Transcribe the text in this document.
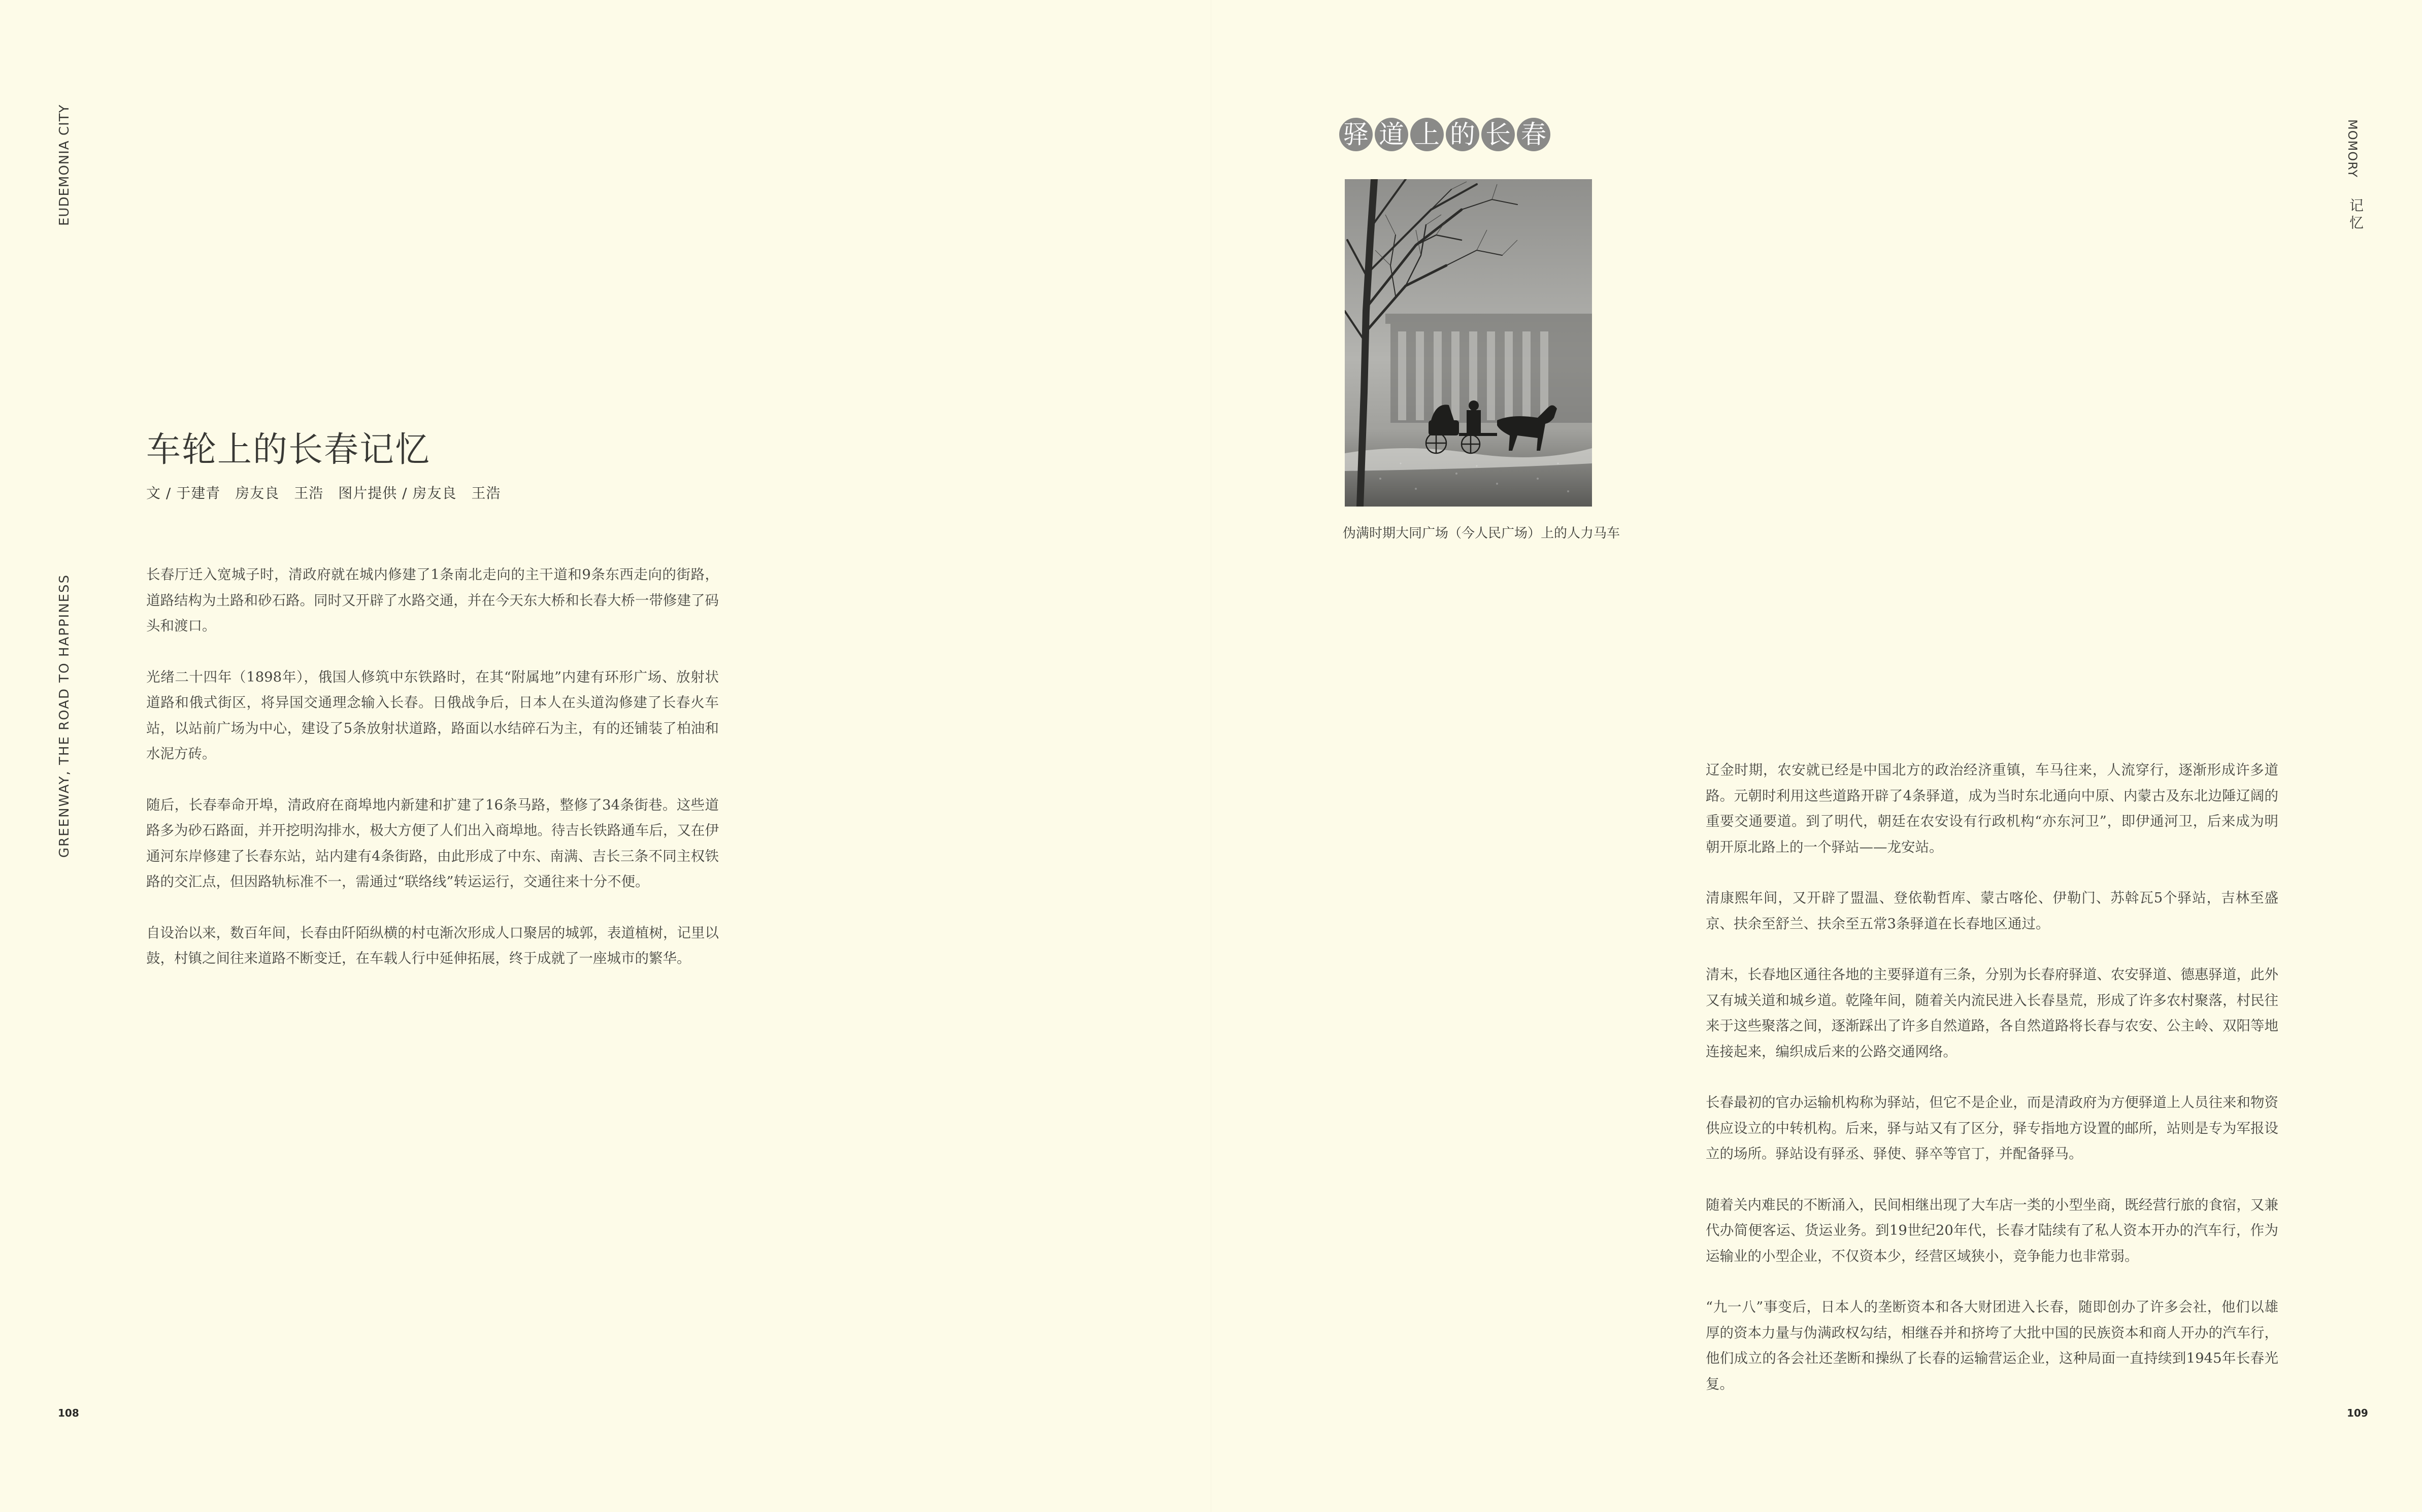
EUDEMONIA CITY
GREENWAY, THE ROAD TO HAPPINESS
MOMORY
记忆
车轮上的长春记忆
文 / 于建青　房友良　王浩　图片提供 / 房友良　王浩

长春厅迁入宽城子时，清政府就在城内修建了1条南北走向的主干道和9条东西走向的街路，道路结构为土路和砂石路。同时又开辟了水路交通，并在今天东大桥和长春大桥一带修建了码头和渡口。

光绪二十四年（1898年），俄国人修筑中东铁路时，在其“附属地”内建有环形广场、放射状道路和俄式街区，将异国交通理念输入长春。日俄战争后，日本人在头道沟修建了长春火车站，以站前广场为中心，建设了5条放射状道路，路面以水结碎石为主，有的还铺装了柏油和水泥方砖。

随后，长春奉命开埠，清政府在商埠地内新建和扩建了16条马路，整修了34条街巷。这些道路多为砂石路面，并开挖明沟排水，极大方便了人们出入商埠地。待吉长铁路通车后，又在伊通河东岸修建了长春东站，站内建有4条街路，由此形成了中东、南满、吉长三条不同主权铁路的交汇点，但因路轨标准不一，需通过“联络线”转运运行，交通往来十分不便。

自设治以来，数百年间，长春由阡陌纵横的村屯渐次形成人口聚居的城郭，表道植树，记里以鼓，村镇之间往来道路不断变迁，在车载人行中延伸拓展，终于成就了一座城市的繁华。

108
驿 道 上 的 长 春
伪满时期大同广场（今人民广场）上的人力马车

辽金时期，农安就已经是中国北方的政治经济重镇，车马往来，人流穿行，逐渐形成许多道路。元朝时利用这些道路开辟了4条驿道，成为当时东北通向中原、内蒙古及东北边陲辽阔的重要交通要道。到了明代，朝廷在农安设有行政机构“亦东河卫”，即伊通河卫，后来成为明朝开原北路上的一个驿站——龙安站。

清康熙年间，又开辟了盟温、登依勒哲库、蒙古喀伦、伊勒门、苏斡瓦5个驿站，吉林至盛京、扶余至舒兰、扶余至五常3条驿道在长春地区通过。

清末，长春地区通往各地的主要驿道有三条，分别为长春府驿道、农安驿道、德惠驿道，此外又有城关道和城乡道。乾隆年间，随着关内流民进入长春垦荒，形成了许多农村聚落，村民往来于这些聚落之间，逐渐踩出了许多自然道路，各自然道路将长春与农安、公主岭、双阳等地连接起来，编织成后来的公路交通网络。

长春最初的官办运输机构称为驿站，但它不是企业，而是清政府为方便驿道上人员往来和物资供应设立的中转机构。后来，驿与站又有了区分，驿专指地方设置的邮所，站则是专为军报设立的场所。驿站设有驿丞、驿使、驿卒等官丁，并配备驿马。

随着关内难民的不断涌入，民间相继出现了大车店一类的小型坐商，既经营行旅的食宿，又兼代办简便客运、货运业务。到19世纪20年代，长春才陆续有了私人资本开办的汽车行，作为运输业的小型企业，不仅资本少，经营区域狭小，竞争能力也非常弱。

“九一八”事变后，日本人的垄断资本和各大财团进入长春，随即创办了许多会社，他们以雄厚的资本力量与伪满政权勾结，相继吞并和挤垮了大批中国的民族资本和商人开办的汽车行，他们成立的各会社还垄断和操纵了长春的运输营运企业，这种局面一直持续到1945年长春光复。

109
